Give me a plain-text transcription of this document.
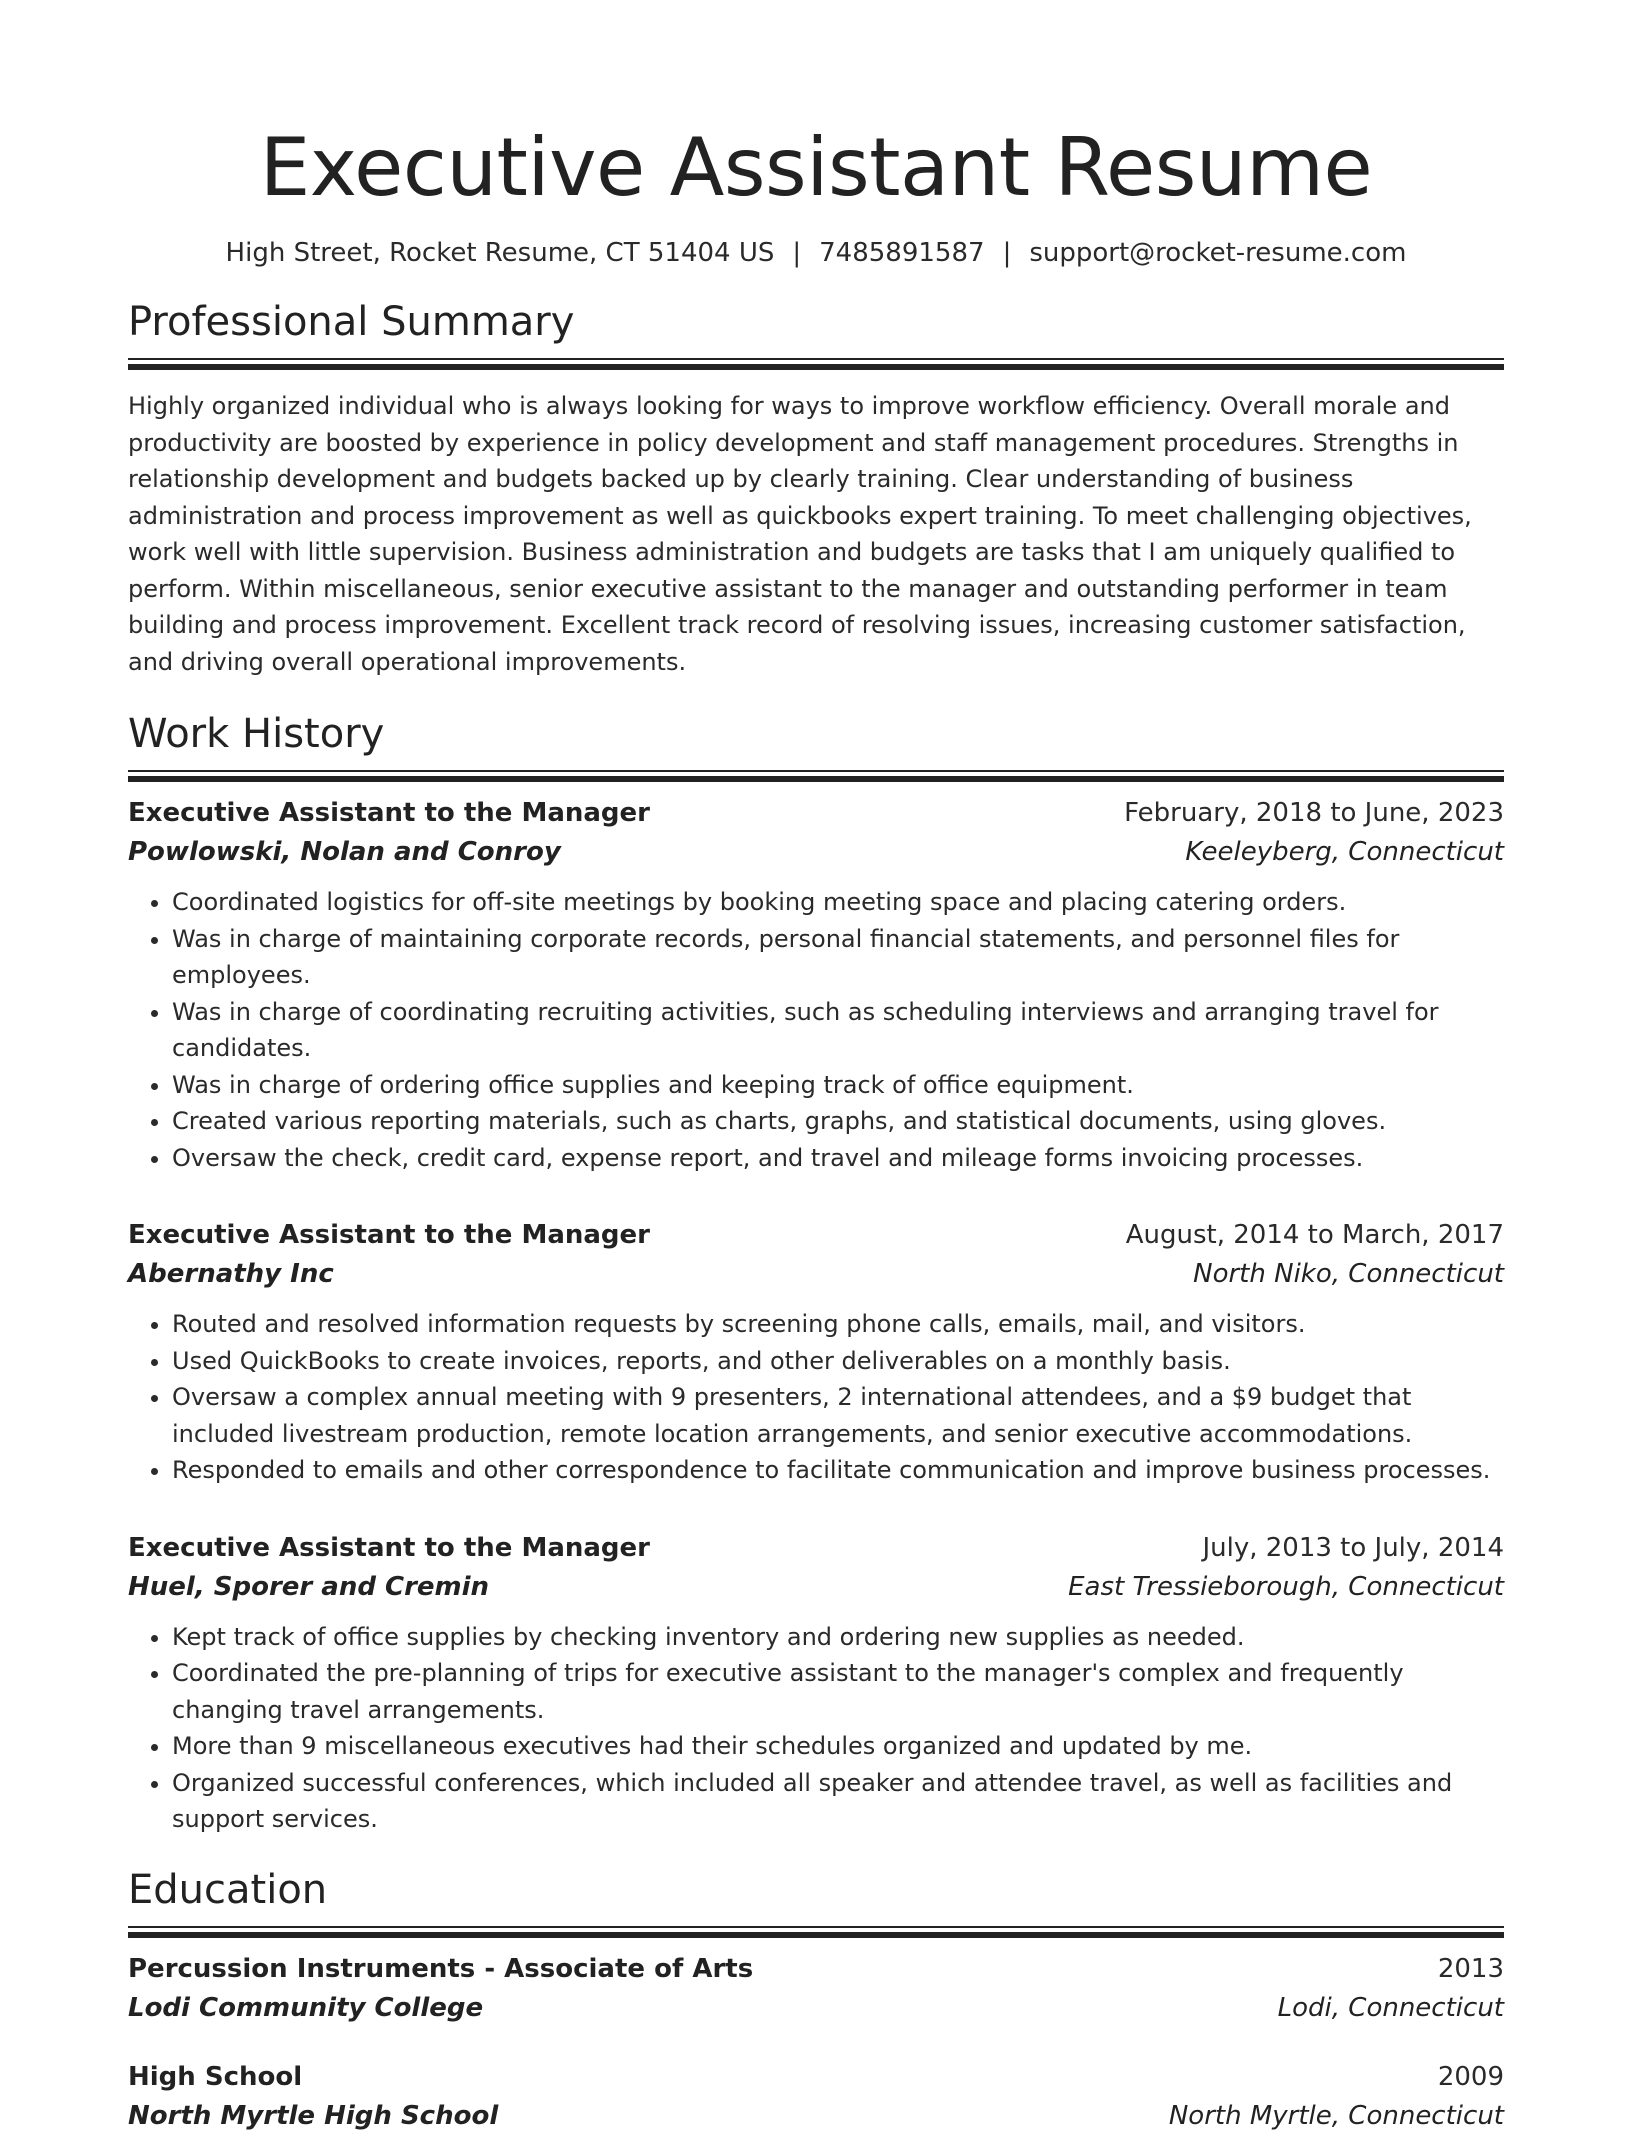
Executive Assistant Resume
High Street, Rocket Resume, CT 51404 US | 7485891587 | support@rocket-resume.com
Professional Summary

Highly organized individual who is always looking for ways to improve workflow efficiency. Overall morale and productivity are boosted by experience in policy development and staff management procedures. Strengths in relationship development and budgets backed up by clearly training. Clear understanding of business administration and process improvement as well as quickbooks expert training. To meet challenging objectives, work well with little supervision. Business administration and budgets are tasks that I am uniquely qualified to perform. Within miscellaneous, senior executive assistant to the manager and outstanding performer in team building and process improvement. Excellent track record of resolving issues, increasing customer satisfaction, and driving overall operational improvements.

Work History
Executive Assistant to the Manager	February, 2018 to June, 2023
Powlowski, Nolan and Conroy	Keeleyberg, Connecticut
• Coordinated logistics for off-site meetings by booking meeting space and placing catering orders.
• Was in charge of maintaining corporate records, personal financial statements, and personnel files for employees.
• Was in charge of coordinating recruiting activities, such as scheduling interviews and arranging travel for candidates.
• Was in charge of ordering office supplies and keeping track of office equipment.
• Created various reporting materials, such as charts, graphs, and statistical documents, using gloves.
• Oversaw the check, credit card, expense report, and travel and mileage forms invoicing processes.
Executive Assistant to the Manager	August, 2014 to March, 2017
Abernathy Inc	North Niko, Connecticut
• Routed and resolved information requests by screening phone calls, emails, mail, and visitors.
• Used QuickBooks to create invoices, reports, and other deliverables on a monthly basis.
• Oversaw a complex annual meeting with 9 presenters, 2 international attendees, and a $9 budget that included livestream production, remote location arrangements, and senior executive accommodations.
• Responded to emails and other correspondence to facilitate communication and improve business processes.
Executive Assistant to the Manager	July, 2013 to July, 2014
Huel, Sporer and Cremin	East Tressieborough, Connecticut
• Kept track of office supplies by checking inventory and ordering new supplies as needed.
• Coordinated the pre-planning of trips for executive assistant to the manager's complex and frequently changing travel arrangements.
• More than 9 miscellaneous executives had their schedules organized and updated by me.
• Organized successful conferences, which included all speaker and attendee travel, as well as facilities and support services.
Education
Percussion Instruments - Associate of Arts	2013
Lodi Community College	Lodi, Connecticut
High School	2009
North Myrtle High School	North Myrtle, Connecticut
